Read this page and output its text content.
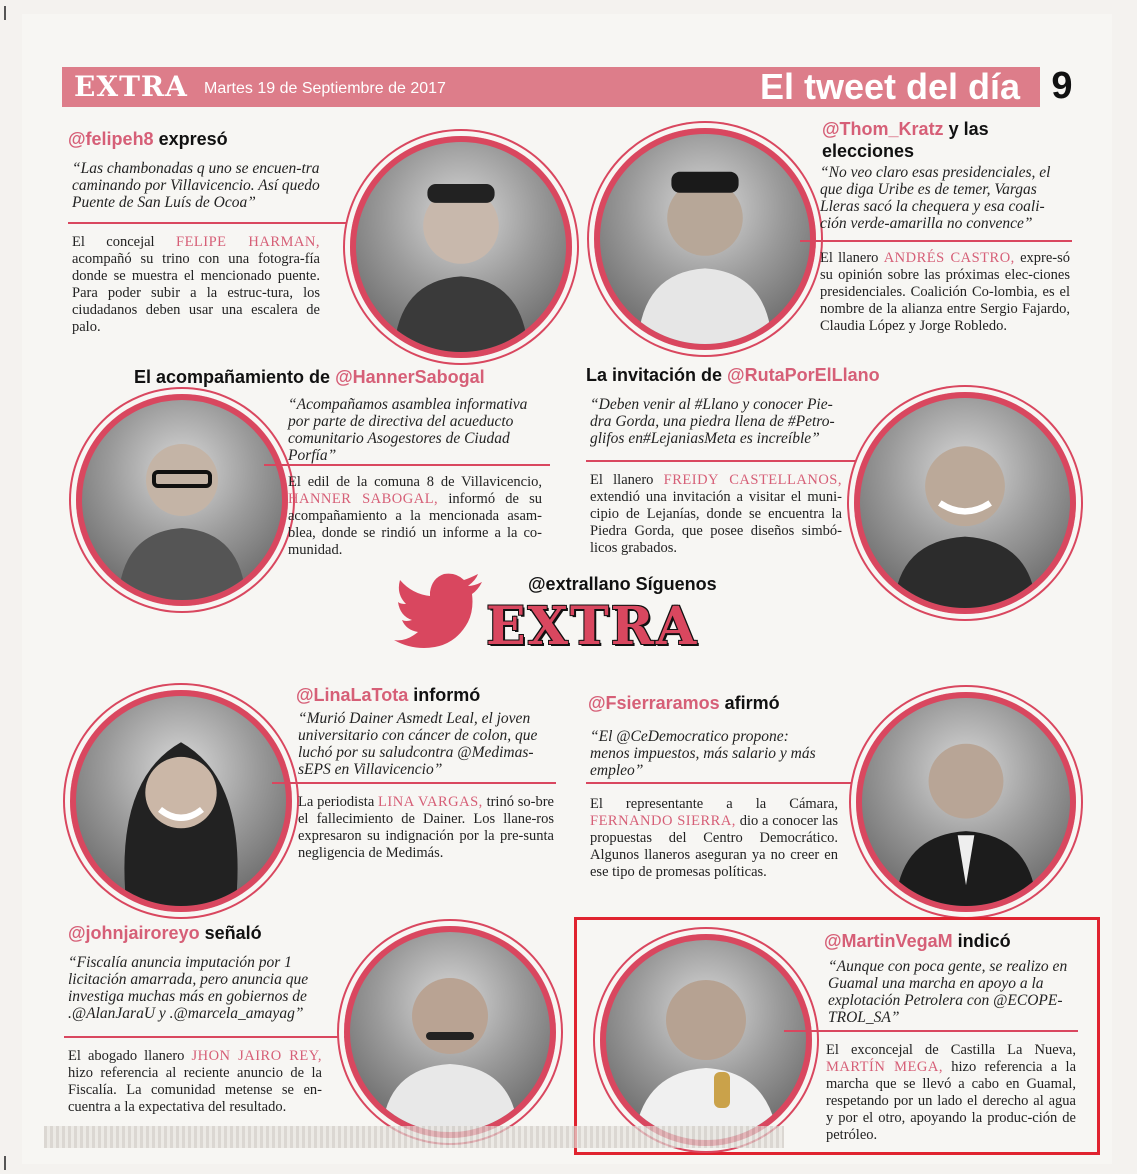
EXTRA Martes 19 de Septiembre de 2017	El tweet del día 9
@felipeh8 expresó
“Las chambonadas q uno se encuen-tra caminando por Villavicencio. Así quedo Puente de San Luís de Ocoa”
El concejal FELIPE HARMAN, acompañó su trino con una fotogra-fía donde se muestra el mencionado puente. Para poder subir a la estruc-tura, los ciudadanos deben usar una escalera de palo.
@Thom_Kratz y las elecciones
“No veo claro esas presidenciales, el que diga Uribe es de temer, Vargas Lleras sacó la chequera y esa coali-ción verde-amarilla no convence”
El llanero ANDRÉS CASTRO, expre-só su opinión sobre las próximas elec-ciones presidenciales. Coalición Co-lombia, es el nombre de la alianza entre Sergio Fajardo, Claudia López y Jorge Robledo.
El acompañamiento de @HannerSabogal
“Acompañamos asamblea informativa por parte de directiva del acueducto comunitario Asogestores de Ciudad Porfía”
El edil de la comuna 8 de Villavicencio, HANNER SABOGAL, informó de su acompañamiento a la mencionada asam-blea, donde se rindió un informe a la co-munidad.
La invitación de @RutaPorElLlano
“Deben venir al #Llano y conocer Pie-dra Gorda, una piedra llena de #Petro-glifos en#LejaniasMeta es increíble”
El llanero FREIDY CASTELLANOS, extendió una invitación a visitar el muni-cipio de Lejanías, donde se encuentra la Piedra Gorda, que posee diseños simbó-licos grabados.
@extrallano Síguenos
EXTRA
@LinaLaTota informó
“Murió Dainer Asmedt Leal, el joven universitario con cáncer de colon, que luchó por su saludcontra @Medimas-sEPS en Villavicencio”
La periodista LINA VARGAS, trinó so-bre el fallecimiento de Dainer. Los llane-ros expresaron su indignación por la pre-sunta negligencia de Medimás.
@Fsierraramos afirmó
“El @CeDemocratico propone: menos impuestos, más salario y más empleo”
El representante a la Cámara, FERNANDO SIERRA, dio a conocer las propuestas del Centro Democrático. Algunos llaneros aseguran ya no creer en ese tipo de promesas políticas.
@johnjairoreyo señaló
“Fiscalía anuncia imputación por 1 licitación amarrada, pero anuncia que investiga muchas más en gobiernos de .@AlanJaraU y .@marcela_amayag”
El abogado llanero JHON JAIRO REY, hizo referencia al reciente anuncio de la Fiscalía. La comunidad metense se en-cuentra a la expectativa del resultado.
@MartinVegaM indicó
“Aunque con poca gente, se realizo en Guamal una marcha en apoyo a la explotación Petrolera con @ECOPE-TROL_SA”
El exconcejal de Castilla La Nueva, MARTÍN MEGA, hizo referencia a la marcha que se llevó a cabo en Guamal, respetando por un lado el derecho al agua y por el otro, apoyando la produc-ción de petróleo.
